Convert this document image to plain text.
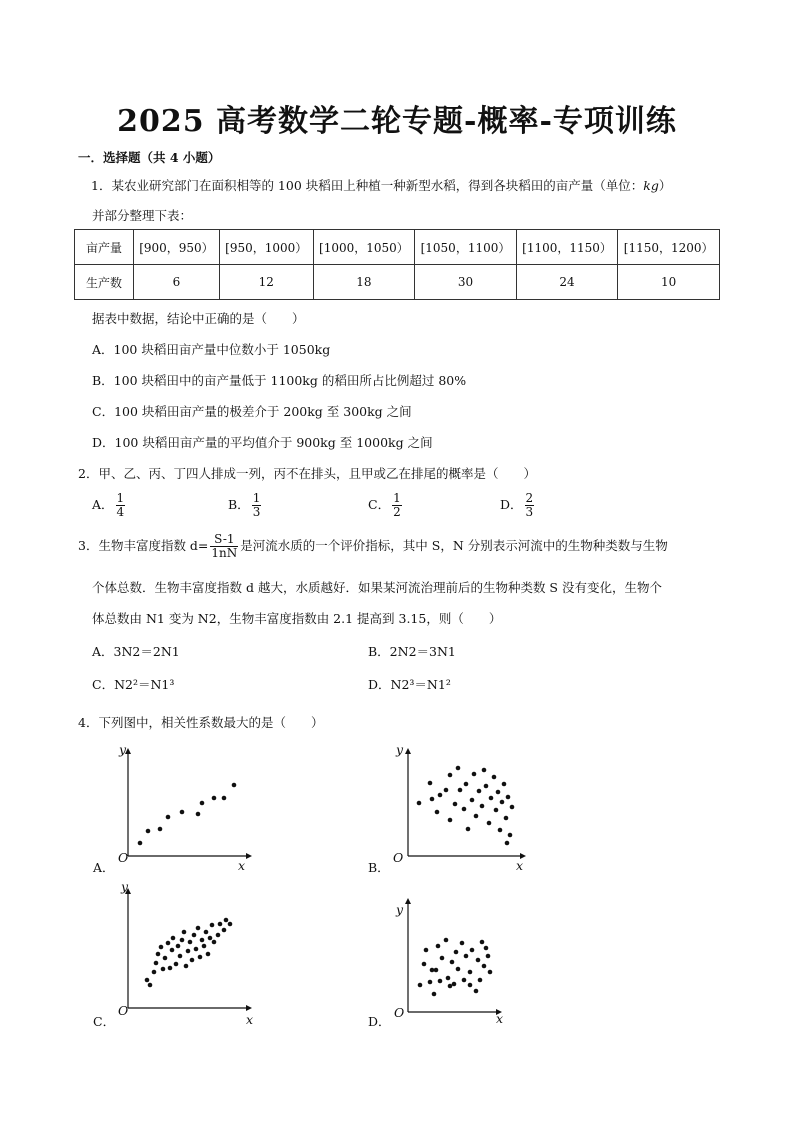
2025 高考数学二轮专题-概率-专项训练
一．选择题（共 4 小题）
1．某农业研究部门在面积相等的 100 块稻田上种植一种新型水稻，得到各块稻田的亩产量（单位：kg）
并部分整理下表：
亩产量	[900，950）	[950，1000）	[1000，1050）	[1050，1100）	[1100，1150）	[1150，1200）
生产数	6	12	18	30	24	10
据表中数据，结论中正确的是（　　）
A．100 块稻田亩产量中位数小于 1050kg
B．100 块稻田中的亩产量低于 1100kg 的稻田所占比例超过 80%
C．100 块稻田亩产量的极差介于 200kg 至 300kg 之间
D．100 块稻田亩产量的平均值介于 900kg 至 1000kg 之间
2．甲、乙、丙、丁四人排成一列，丙不在排头，且甲或乙在排尾的概率是（　　）
A． $\frac{1}{4}$	B． $\frac{1}{3}$	C． $\frac{1}{2}$	D． $\frac{2}{3}$
3．生物丰富度指数 $d= \frac{S-1}{1nN}$ 是河流水质的一个评价指标，其中 S，N 分别表示河流中的生物种类数与生物
个体总数．生物丰富度指数 d 越大，水质越好．如果某河流治理前后的生物种类数 S 没有变化，生物个
体总数由 N1 变为 N2，生物丰富度指数由 2.1 提高到 3.15，则（　　）
A．3N2＝2N1	B．2N2＝3N1
C．N2²＝N1³	D．N2³＝N1²
4．下列图中，相关性系数最大的是（　　）
A．
O
y
x	B．
O
y
x
C．
O
y
x	D．
O
y
x
